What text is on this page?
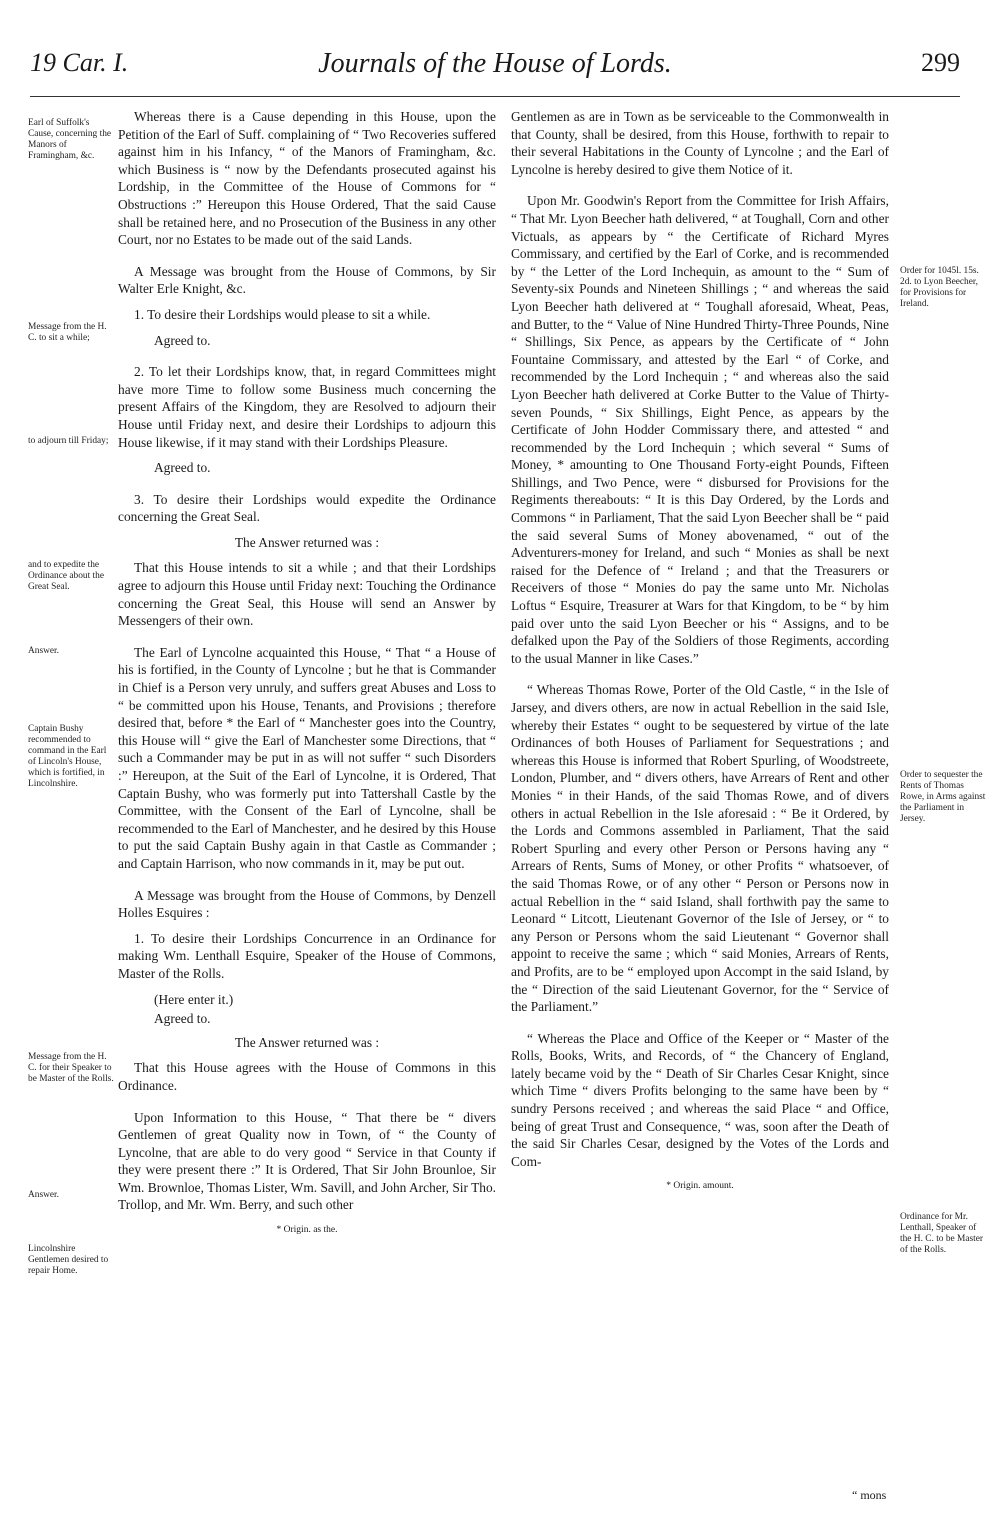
19 Car. I.	Journals of the House of Lords.	299
Earl of Suffolk's Cause, concerning the Manors of Framingham, &c.
Message from the H. C. to sit a while;
to adjourn till Friday;
and to expedite the Ordinance about the Great Seal.
Answer.
Captain Bushy recommended to command in the Earl of Lincoln's House, which is fortified, in Lincolnshire.
Message from the H. C. for their Speaker to be Master of the Rolls.
Answer.
Lincolnshire Gentlemen desired to repair Home.

Whereas there is a Cause depending in this House, upon the Petition of the Earl of Suff. complaining of “ Two Recoveries suffered against him in his Infancy, “ of the Manors of Framingham, &c. which Business is “ now by the Defendants prosecuted against his Lordship, in the Committee of the House of Commons for “ Obstructions :” Hereupon this House Ordered, That the said Cause shall be retained here, and no Prosecution of the Business in any other Court, nor no Estates to be made out of the said Lands.

A Message was brought from the House of Commons, by Sir Walter Erle Knight, &c.

1. To desire their Lordships would please to sit a while.

Agreed to.

2. To let their Lordships know, that, in regard Committees might have more Time to follow some Business much concerning the present Affairs of the Kingdom, they are Resolved to adjourn their House until Friday next, and desire their Lordships to adjourn this House likewise, if it may stand with their Lordships Pleasure.

Agreed to.

3. To desire their Lordships would expedite the Ordinance concerning the Great Seal.

The Answer returned was :

That this House intends to sit a while ; and that their Lordships agree to adjourn this House until Friday next: Touching the Ordinance concerning the Great Seal, this House will send an Answer by Messengers of their own.

The Earl of Lyncolne acquainted this House, “ That “ a House of his is fortified, in the County of Lyncolne ; but he that is Commander in Chief is a Person very unruly, and suffers great Abuses and Loss to “ be committed upon his House, Tenants, and Provisions ; therefore desired that, before * the Earl of “ Manchester goes into the Country, this House will “ give the Earl of Manchester some Directions, that “ such a Commander may be put in as will not suffer “ such Disorders :” Hereupon, at the Suit of the Earl of Lyncolne, it is Ordered, That Captain Bushy, who was formerly put into Tattershall Castle by the Committee, with the Consent of the Earl of Lyncolne, shall be recommended to the Earl of Manchester, and he desired by this House to put the said Captain Bushy again in that Castle as Commander ; and Captain Harrison, who now commands in it, may be put out.

A Message was brought from the House of Commons, by Denzell Holles Esquires :

1. To desire their Lordships Concurrence in an Ordinance for making Wm. Lenthall Esquire, Speaker of the House of Commons, Master of the Rolls.

(Here enter it.)

Agreed to.

The Answer returned was :

That this House agrees with the House of Commons in this Ordinance.

Upon Information to this House, “ That there be “ divers Gentlemen of great Quality now in Town, of “ the County of Lyncolne, that are able to do very good “ Service in that County if they were present there :” It is Ordered, That Sir John Brounloe, Sir Wm. Brownloe, Thomas Lister, Wm. Savill, and John Archer, Sir Tho. Trollop, and Mr. Wm. Berry, and such other

* Origin. as the.
Order for 1045l. 15s. 2d. to Lyon Beecher, for Provisions for Ireland.
Order to sequester the Rents of Thomas Rowe, in Arms against the Parliament in Jersey.
Ordinance for Mr. Lenthall, Speaker of the H. C. to be Master of the Rolls.

Gentlemen as are in Town as be serviceable to the Commonwealth in that County, shall be desired, from this House, forthwith to repair to their several Habitations in the County of Lyncolne ; and the Earl of Lyncolne is hereby desired to give them Notice of it.

Upon Mr. Goodwin's Report from the Committee for Irish Affairs, “ That Mr. Lyon Beecher hath delivered, “ at Toughall, Corn and other Victuals, as appears by “ the Certificate of Richard Myres Commissary, and certified by the Earl of Corke, and is recommended by “ the Letter of the Lord Inchequin, as amount to the “ Sum of Seventy-six Pounds and Nineteen Shillings ; “ and whereas the said Lyon Beecher hath delivered at “ Toughall aforesaid, Wheat, Peas, and Butter, to the “ Value of Nine Hundred Thirty-Three Pounds, Nine “ Shillings, Six Pence, as appears by the Certificate of “ John Fountaine Commissary, and attested by the Earl “ of Corke, and recommended by the Lord Inchequin ; “ and whereas also the said Lyon Beecher hath delivered at Corke Butter to the Value of Thirty-seven Pounds, “ Six Shillings, Eight Pence, as appears by the Certificate of John Hodder Commissary there, and attested “ and recommended by the Lord Inchequin ; which several “ Sums of Money, * amounting to One Thousand Forty-eight Pounds, Fifteen Shillings, and Two Pence, were “ disbursed for Provisions for the Regiments thereabouts: “ It is this Day Ordered, by the Lords and Commons “ in Parliament, That the said Lyon Beecher shall be “ paid the said several Sums of Money abovenamed, “ out of the Adventurers-money for Ireland, and such “ Monies as shall be next raised for the Defence of “ Ireland ; and that the Treasurers or Receivers of those “ Monies do pay the same unto Mr. Nicholas Loftus “ Esquire, Treasurer at Wars for that Kingdom, to be “ by him paid over unto the said Lyon Beecher or his “ Assigns, and to be defalked upon the Pay of the Soldiers of those Regiments, according to the usual Manner in like Cases.”

“ Whereas Thomas Rowe, Porter of the Old Castle, “ in the Isle of Jarsey, and divers others, are now in actual Rebellion in the said Isle, whereby their Estates “ ought to be sequestered by virtue of the late Ordinances of both Houses of Parliament for Sequestrations ; and whereas this House is informed that Robert Spurling, of Woodstreete, London, Plumber, and “ divers others, have Arrears of Rent and other Monies “ in their Hands, of the said Thomas Rowe, and of divers others in actual Rebellion in the Isle aforesaid : “ Be it Ordered, by the Lords and Commons assembled in Parliament, That the said Robert Spurling and every other Person or Persons having any “ Arrears of Rents, Sums of Money, or other Profits “ whatsoever, of the said Thomas Rowe, or of any other “ Person or Persons now in actual Rebellion in the “ said Island, shall forthwith pay the same to Leonard “ Litcott, Lieutenant Governor of the Isle of Jersey, or “ to any Person or Persons whom the said Lieutenant “ Governor shall appoint to receive the same ; which “ said Monies, Arrears of Rents, and Profits, are to be “ employed upon Accompt in the said Island, by the “ Direction of the said Lieutenant Governor, for the “ Service of the Parliament.”

“ Whereas the Place and Office of the Keeper or “ Master of the Rolls, Books, Writs, and Records, of “ the Chancery of England, lately became void by the “ Death of Sir Charles Cesar Knight, since which Time “ divers Profits belonging to the same have been by “ sundry Persons received ; and whereas the said Place “ and Office, being of great Trust and Consequence, “ was, soon after the Death of the said Sir Charles Cesar, designed by the Votes of the Lords and Com-

* Origin. amount.
“ mons
